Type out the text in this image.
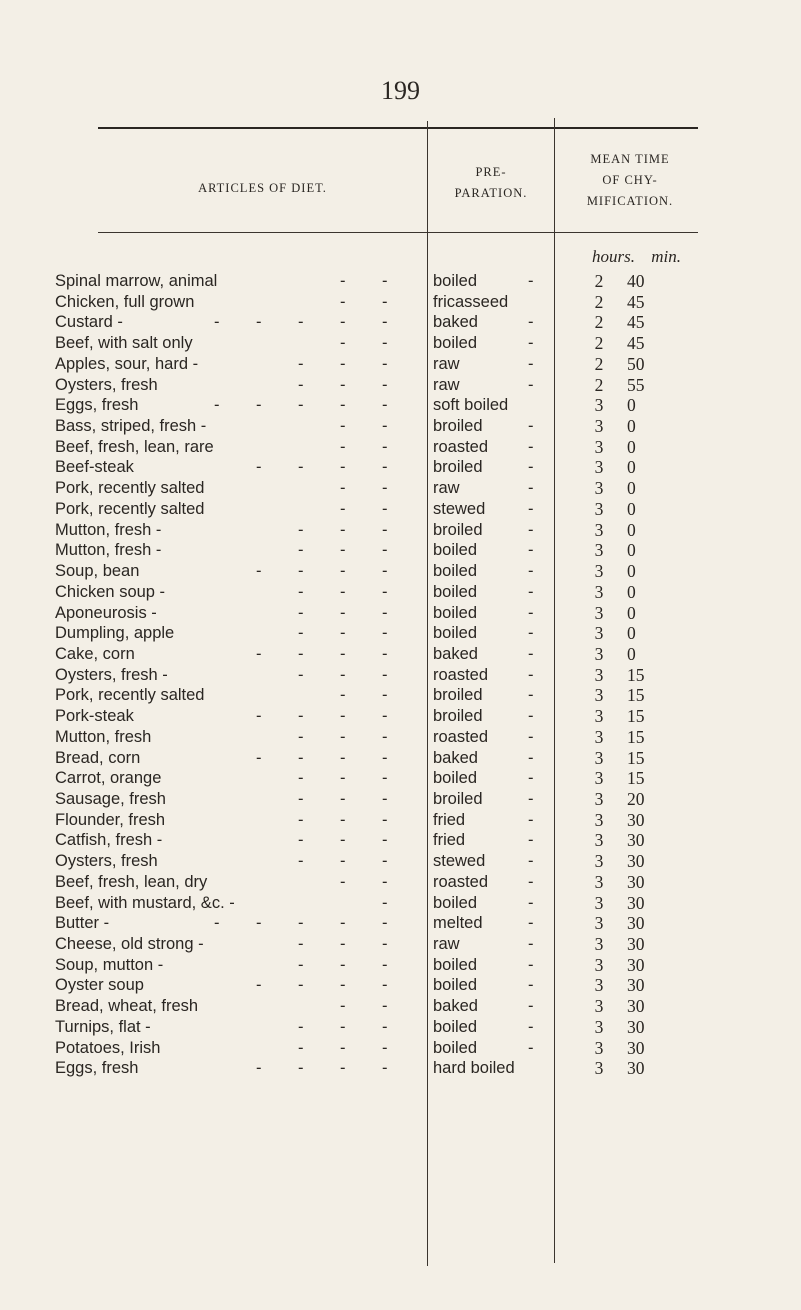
199
ARTICLES OF DIET.
PRE-
PARATION.
MEAN TIME
OF CHY-
MIFICATION.
hours. min.
Spinal marrow, animal	- -	boiled	-	2	40
Chicken, full grown	- -	fricasseed	2	45
Custard -	- - - - -	baked	-	2	45
Beef, with salt only	- -	boiled	-	2	45
Apples, sour, hard -	- - -	raw	-	2	50
Oysters, fresh	- - -	raw	-	2	55
Eggs, fresh	- - - - -	soft boiled	3	0
Bass, striped, fresh -	- -	broiled	-	3	0
Beef, fresh, lean, rare	- -	roasted -	3	0
Beef-steak	- - - -	broiled	-	3	0
Pork, recently salted	- -	raw	-	3	0
Pork, recently salted	- -	stewed	-	3	0
Mutton, fresh -	- - -	broiled	-	3	0
Mutton, fresh -	- - -	boiled	-	3	0
Soup, bean	- - - -	boiled	-	3	0
Chicken soup -	- - -	boiled	-	3	0
Aponeurosis -	- - -	boiled	-	3	0
Dumpling, apple	- - -	boiled	-	3	0
Cake, corn	- - - -	baked	-	3	0
Oysters, fresh -	- - -	roasted -	3	15
Pork, recently salted	- -	broiled	-	3	15
Pork-steak	- - - -	broiled	-	3	15
Mutton, fresh	- - -	roasted -	3	15
Bread, corn	- - - -	baked	-	3	15
Carrot, orange	- - -	boiled	-	3	15
Sausage, fresh	- - -	broiled	-	3	20
Flounder, fresh	- - -	fried	-	3	30
Catfish, fresh -	- - -	fried	-	3	30
Oysters, fresh	- - -	stewed	-	3	30
Beef, fresh, lean, dry	- -	roasted -	3	30
Beef, with mustard, &c. -	-	boiled	-	3	30
Butter -	- - - - -	melted	-	3	30
Cheese, old strong -	- - -	raw	-	3	30
Soup, mutton -	- - -	boiled	-	3	30
Oyster soup	- - - -	boiled	-	3	30
Bread, wheat, fresh	- -	baked	-	3	30
Turnips, flat -	- - -	boiled	-	3	30
Potatoes, Irish	- - -	boiled	-	3	30
Eggs, fresh	- - - -	hard boiled	3	30
